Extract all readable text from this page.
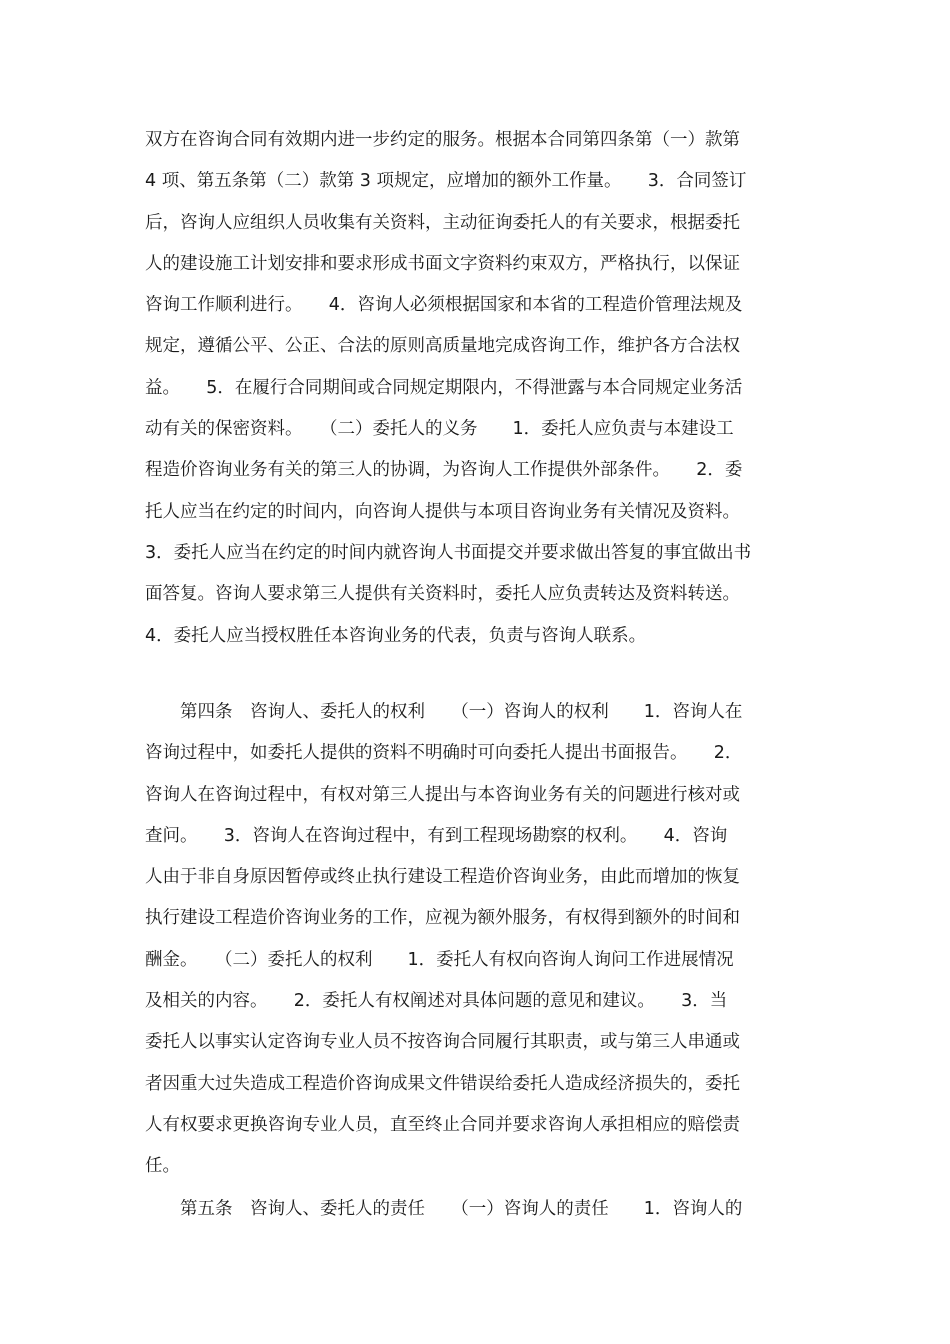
双方在咨询合同有效期内进一步约定的服务。根据本合同第四条第（一）款第
4 项、第五条第（二）款第 3 项规定，应增加的额外工作量。　　3．合同签订
后，咨询人应组织人员收集有关资料，主动征询委托人的有关要求，根据委托
人的建设施工计划安排和要求形成书面文字资料约束双方，严格执行，以保证
咨询工作顺利进行。　　4．咨询人必须根据国家和本省的工程造价管理法规及
规定，遵循公平、公正、合法的原则高质量地完成咨询工作，维护各方合法权
益。　　5．在履行合同期间或合同规定期限内，不得泄露与本合同规定业务活
动有关的保密资料。　　（二）委托人的义务　　1．委托人应负责与本建设工
程造价咨询业务有关的第三人的协调，为咨询人工作提供外部条件。　　2．委
托人应当在约定的时间内，向咨询人提供与本项目咨询业务有关情况及资料。
3．委托人应当在约定的时间内就咨询人书面提交并要求做出答复的事宜做出书
面答复。咨询人要求第三人提供有关资料时，委托人应负责转达及资料转送。
4．委托人应当授权胜任本咨询业务的代表，负责与咨询人联系。
　　第四条　咨询人、委托人的权利　　（一）咨询人的权利　　1．咨询人在
咨询过程中，如委托人提供的资料不明确时可向委托人提出书面报告。　　2．
咨询人在咨询过程中，有权对第三人提出与本咨询业务有关的问题进行核对或
查问。　　3．咨询人在咨询过程中，有到工程现场勘察的权利。　　4．咨询
人由于非自身原因暂停或终止执行建设工程造价咨询业务，由此而增加的恢复
执行建设工程造价咨询业务的工作，应视为额外服务，有权得到额外的时间和
酬金。　　（二）委托人的权利　　1．委托人有权向咨询人询问工作进展情况
及相关的内容。　　2．委托人有权阐述对具体问题的意见和建议。　　3．当
委托人以事实认定咨询专业人员不按咨询合同履行其职责，或与第三人串通或
者因重大过失造成工程造价咨询成果文件错误给委托人造成经济损失的，委托
人有权要求更换咨询专业人员，直至终止合同并要求咨询人承担相应的赔偿责
任。
　　第五条　咨询人、委托人的责任　　（一）咨询人的责任　　1．咨询人的
